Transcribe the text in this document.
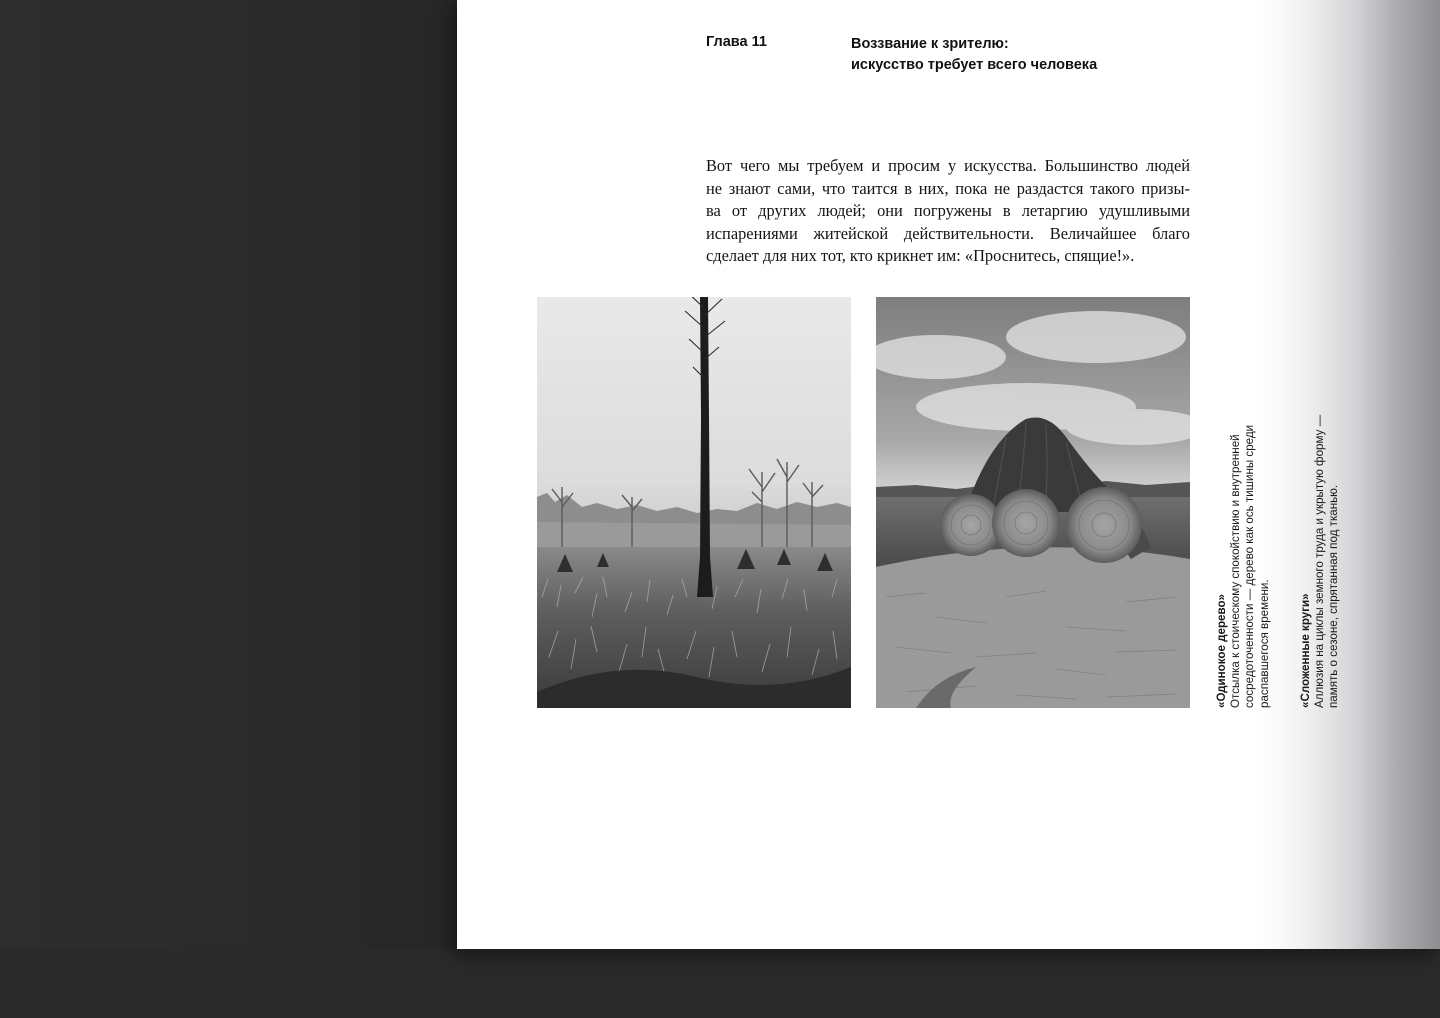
Глава 11	Воззвание к зрителю:
искусство требует всего человека

Вот чего мы требуем и просим у искусства. Большинство людей
не знают сами, что таится в них, пока не раздастся такого призы-
ва от других людей; они погружены в летаргию удушливыми
испарениями житейской действительности. Величайшее благо
сделает для них тот, кто крикнет им: «Проснитесь, спящие!».

«Одинокое дерево» Отсылка к стоическому спокойствию и внутренней сосредоточенности — дерево как ось тишины среди распавшегося времени. «Сложенные круги» Аллюзия на циклы земного труда и укрытую форму — память о сезоне, спрятанная под тканью.
